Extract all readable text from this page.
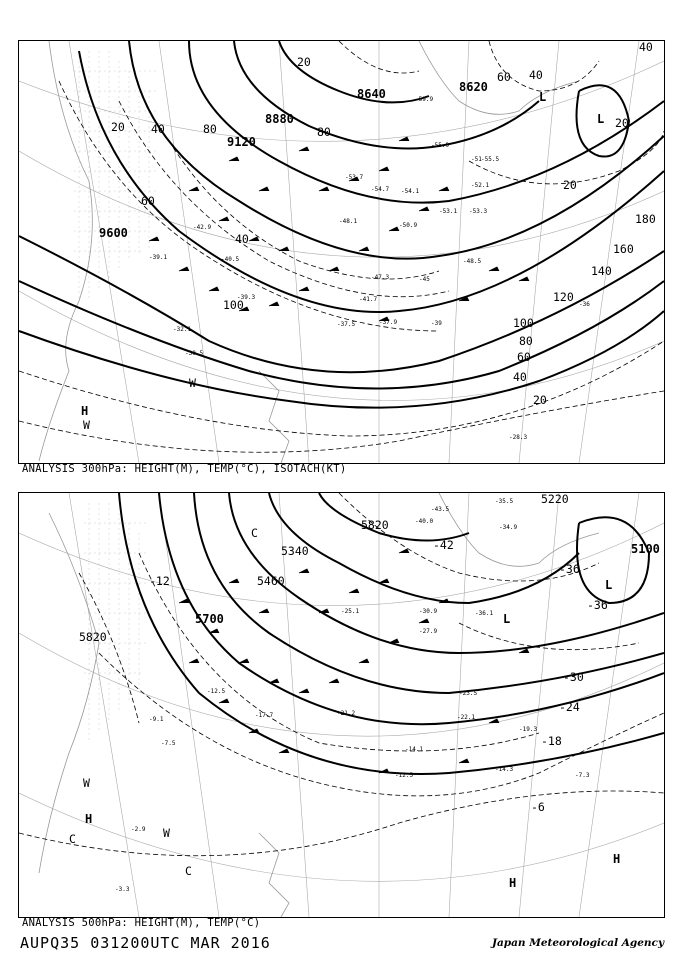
9600
9120
8880
8640	8620
20
20
40
40
40
60
60
80	80
100
20
40
60
80
100
120
140
160
180
20
20
40
-59.9
-55.9
-53.1
-51
-54.1
-54.7
-53.7
-50.9
-48.1
-47.3	-45
-41.7
-37.9
-37.5	-39
-36
-30.5
-39.1
-42.9
-40.5
-39.3
-32.1
-28.3
-55.5
-53.3
-48.5
-52.1
L
L
H
W
W
ANALYSIS 300hPa: HEIGHT(M), TEMP(°C), ISOTACH(KT)
5820
5700
5460
5340
5220
5100
5820
-12
-42
-36
-36
-30
-24
-18
-6
-14.3
-12.5
-14.1
-19.3
-23.5
-22.1
-27.9
-30.9
-35.5
-36.1
-34.9
-25.1
-21.2
-17.7
-12.5
-9.1
-7.5
-3.3
-7.3
-2.9
-43.5
-40.0
L
L
C
C
W
W
H
H
H
C
ANALYSIS 500hPa: HEIGHT(M), TEMP(°C)
AUPQ35 031200UTC MAR 2016	Japan Meteorological Agency
